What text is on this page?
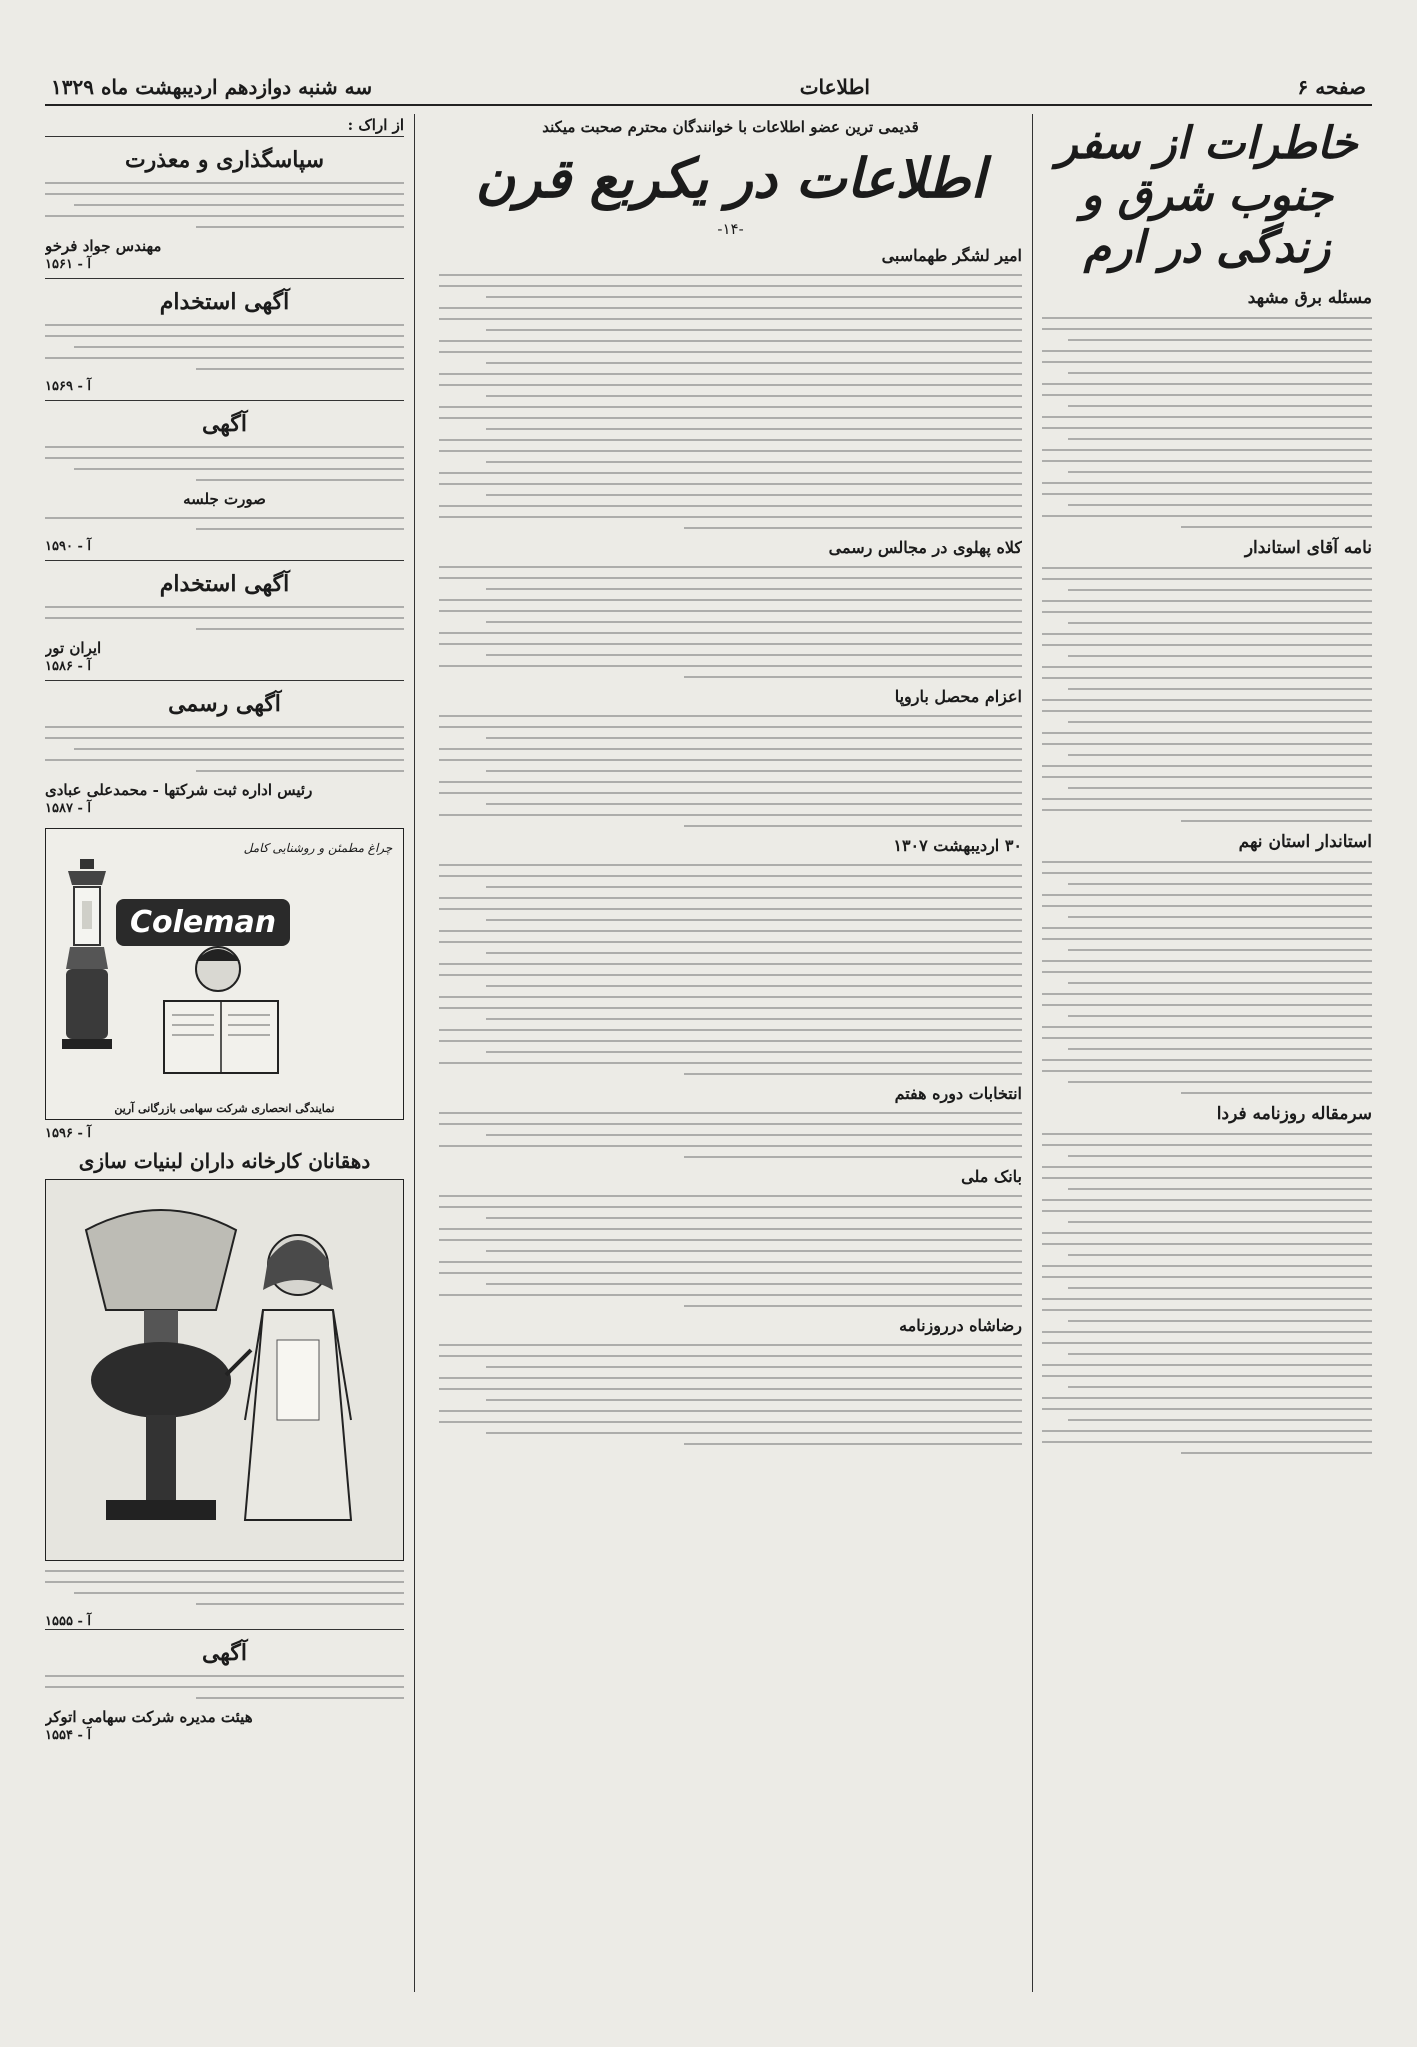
صفحه ۶
اطلاعات
سه شنبه دوازدهم اردیبهشت ماه ۱۳۲۹
خاطرات از سفر جنوب شرق و زندگی در ارم
مسئله برق مشهد
نامه آقای استاندار
استاندار استان نهم
سرمقاله روزنامه فردا
قدیمی ترین عضو اطلاعات با خوانندگان محترم صحبت میکند
اطلاعات در یکربع قرن
-۱۴-
امیر لشگر طهماسبی
کلاه پهلوی در مجالس رسمی
اعزام محصل باروپا
۳۰ اردیبهشت ۱۳۰۷
انتخابات دوره هفتم
بانک ملی
رضاشاه درروزنامه
از اراک :
سپاسگذاری و معذرت
مهندس جواد فرخو
آ - ۱۵۶۱
آگهی استخدام
آ - ۱۵۶۹
آگهی
صورت جلسه
آ - ۱۵۹۰
آگهی استخدام
ایران تور
آ - ۱۵۸۶
آگهی رسمی
رئیس اداره ثبت شرکتها - محمدعلی عبادی
آ - ۱۵۸۷
Coleman
چراغ مطمئن و روشنایی کامل
نمایندگی انحصاری شرکت سهامی بازرگانی آرین
آ - ۱۵۹۶
دهقانان کارخانه داران لبنیات سازی
آ - ۱۵۵۵
آگهی
هیئت مدیره شرکت سهامی اتوکر
آ - ۱۵۵۴
